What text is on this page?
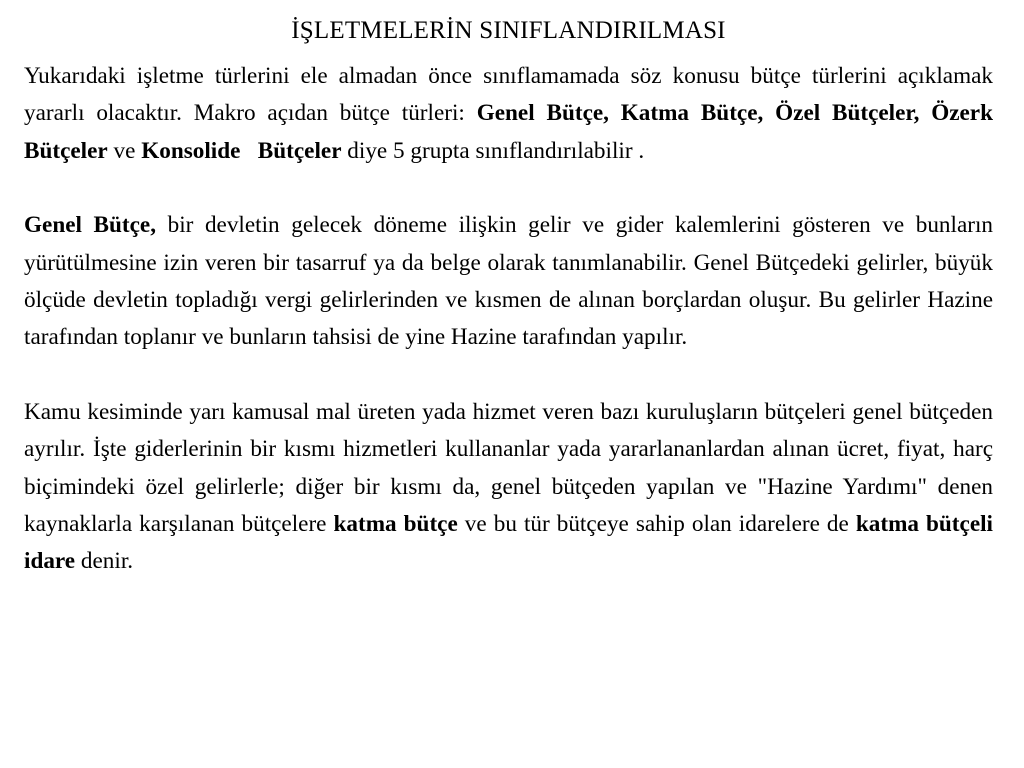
İŞLETMELERİN SINIFLANDIRILMASI

Yukarıdaki işletme türlerini ele almadan önce sınıflamamada söz konusu bütçe türlerini açıklamak yararlı olacaktır. Makro açıdan bütçe türleri: Genel Bütçe, Katma Bütçe, Özel Bütçeler, Özerk Bütçeler ve Konsolide   Bütçeler diye 5 grupta sınıflandırılabilir .

Genel Bütçe, bir devletin gelecek döneme ilişkin gelir ve gider kalemlerini gösteren ve bunların yürütülmesine izin veren bir tasarruf ya da belge olarak tanımlanabilir. Genel Bütçedeki gelirler, büyük ölçüde devletin topladığı vergi gelirlerinden ve kısmen de alınan borçlardan oluşur. Bu gelirler Hazine tarafından toplanır ve bunların tahsisi de yine Hazine tarafından yapılır.

Kamu kesiminde yarı kamusal mal üreten yada hizmet veren bazı kuruluşların bütçeleri genel bütçeden ayrılır. İşte giderlerinin bir kısmı hizmetleri kullananlar yada yararlananlardan alınan ücret, fiyat, harç biçimindeki özel gelirlerle; diğer bir kısmı da, genel bütçeden yapılan ve "Hazine Yardımı" denen kaynaklarla karşılanan bütçelere katma bütçe ve bu tür bütçeye sahip olan idarelere de katma bütçeli idare denir.
